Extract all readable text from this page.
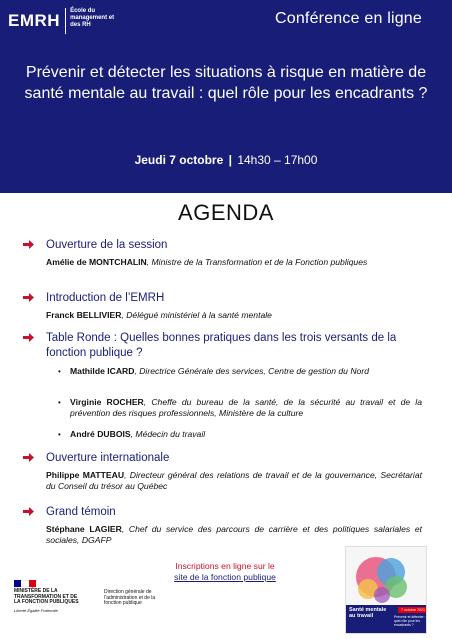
EMRH École du management et des RH	Conférence en ligne
Prévenir et détecter les situations à risque en matière de santé mentale au travail : quel rôle pour les encadrants ?
Jeudi 7 octobre | 14h30 – 17h00
AGENDA
Ouverture de la session
Amélie de MONTCHALIN, Ministre de la Transformation et de la Fonction publiques
Introduction de l’EMRH
Franck BELLIVIER, Délégué ministériel à la santé mentale
Table Ronde : Quelles bonnes pratiques dans les trois versants de la fonction publique ?
• Mathilde ICARD, Directrice Générale des services, Centre de gestion du Nord
• Virginie ROCHER, Cheffe du bureau de la santé, de la sécurité au travail et de la prévention des risques professionnels, Ministère de la culture
• André DUBOIS, Médecin du travail
Ouverture internationale
Philippe MATTEAU, Directeur général des relations de travail et de la gouvernance, Secrétariat du Conseil du trésor au Québec
Grand témoin
Stéphane LAGIER, Chef du service des parcours de carrière et des politiques salariales et sociales, DGAFP
Inscriptions en ligne sur le
site de la fonction publique
MINISTÈRE DE LA TRANSFORMATION ET DE LA FONCTION PUBLIQUES
Liberté Égalité Fraternité
Direction générale de l’administration et de la fonction publique
Santé mentale au travail
7 octobre 2021
Prévenir et détecter : quel rôle pour les encadrants ?
